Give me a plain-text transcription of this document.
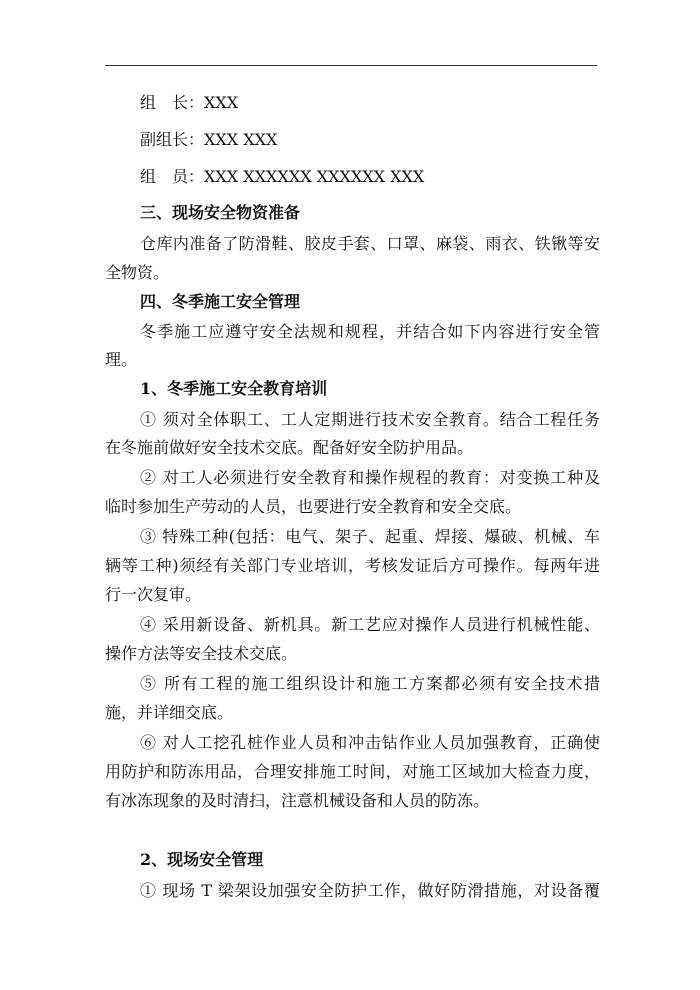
组　长：XXX
副组长：XXX XXX
组　员：XXX XXXXXX XXXXXX XXX
三、现场安全物资准备
仓库内准备了防滑鞋、胶皮手套、口罩、麻袋、雨衣、铁锹等安
全物资。
四、冬季施工安全管理
冬季施工应遵守安全法规和规程，并结合如下内容进行安全管
理。
1、冬季施工安全教育培训
① 须对全体职工、工人定期进行技术安全教育。结合工程任务
在冬施前做好安全技术交底。配备好安全防护用品。
② 对工人必须进行安全教育和操作规程的教育：对变换工种及
临时参加生产劳动的人员，也要进行安全教育和安全交底。
③ 特殊工种(包括：电气、架子、起重、焊接、爆破、机械、车
辆等工种)须经有关部门专业培训，考核发证后方可操作。每两年进
行一次复审。
④ 采用新设备、新机具。新工艺应对操作人员进行机械性能、
操作方法等安全技术交底。
⑤ 所有工程的施工组织设计和施工方案都必须有安全技术措
施，并详细交底。
⑥ 对人工挖孔桩作业人员和冲击钻作业人员加强教育，正确使
用防护和防冻用品，合理安排施工时间，对施工区域加大检查力度，
有冰冻现象的及时清扫，注意机械设备和人员的防冻。
2、现场安全管理
① 现场 T 梁架设加强安全防护工作，做好防滑措施，对设备覆
